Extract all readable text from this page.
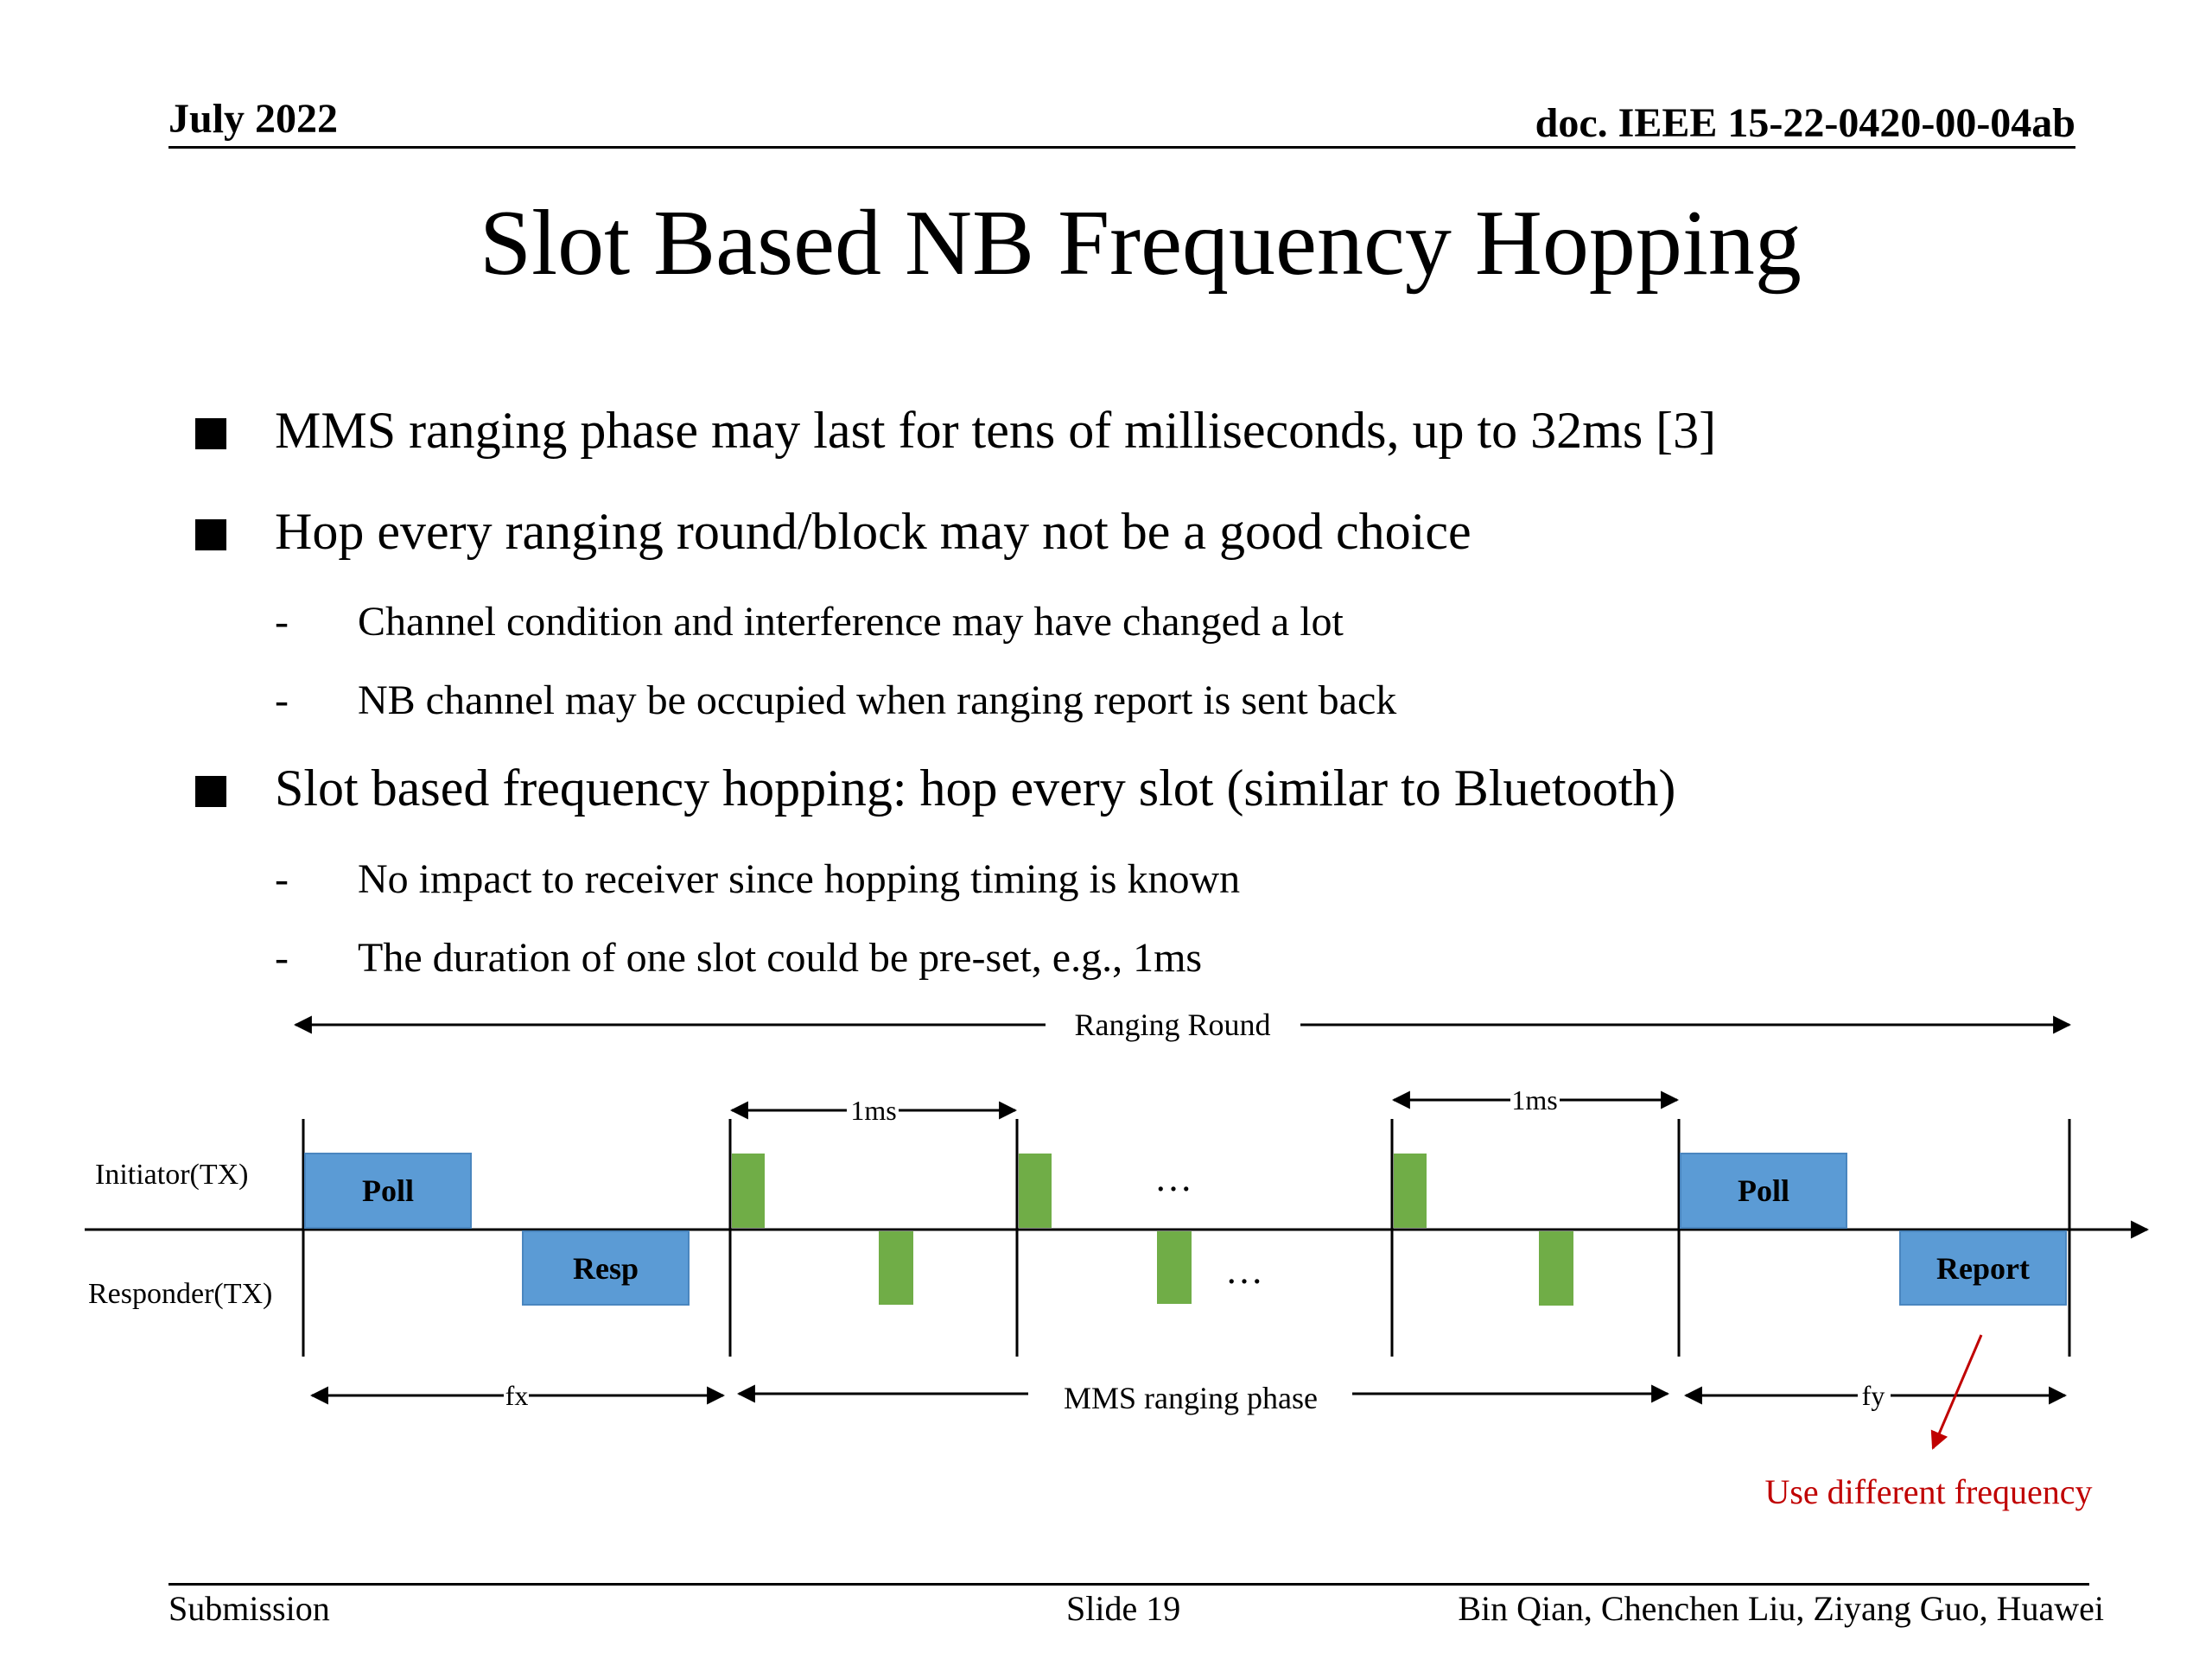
July 2022	doc. IEEE 15-22-0420-00-04ab
Slot Based NB Frequency Hopping
MMS ranging phase may last for tens of milliseconds, up to 32ms [3]
Hop every ranging round/block may not be a good choice
- Channel condition and interference may have changed a lot
- NB channel may be occupied when ranging report is sent back
Slot based frequency hopping: hop every slot (similar to Bluetooth)
- No impact to receiver since hopping timing is known
- The duration of one slot could be pre-set, e.g., 1ms
Ranging Round
Initiator(TX)
Responder(TX)
Poll
Resp
…
…
1ms	1ms
Poll
Report
fx	MMS ranging phase	fy
Use different frequency
Submission	Slide 19	Bin Qian, Chenchen Liu, Ziyang Guo, Huawei
